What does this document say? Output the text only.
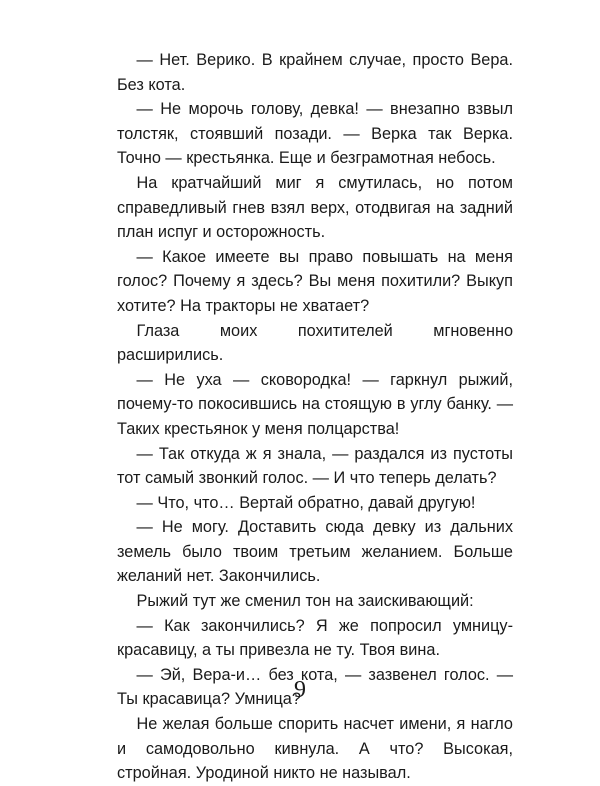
— Нет. Верико. В крайнем случае, просто Вера. Без кота.

— Не морочь голову, девка! — внезапно взвыл толстяк, стоявший позади. — Верка так Верка. Точно — крестьянка. Еще и безграмотная небось.

На кратчайший миг я смутилась, но потом справедливый гнев взял верх, отодвигая на задний план испуг и осторожность.

— Какое имеете вы право повышать на меня голос? Почему я здесь? Вы меня похитили? Выкуп хотите? На тракторы не хватает?

Глаза моих похитителей мгновенно расширились.

— Не уха — сковородка! — гаркнул рыжий, почему-то покосившись на стоящую в углу банку. — Таких крестьянок у меня полцарства!

— Так откуда ж я знала, — раздался из пустоты тот самый звонкий голос. — И что теперь делать?

— Что, что… Вертай обратно, давай другую!

— Не могу. Доставить сюда девку из дальних земель было твоим третьим желанием. Больше желаний нет. Закончились.

Рыжий тут же сменил тон на заискивающий:

— Как закончились? Я же попросил умницу-красавицу, а ты привезла не ту. Твоя вина.

— Эй, Вера-и… без кота, — зазвенел голос. — Ты красавица? Умница?

Не желая больше спорить насчет имени, я нагло и самодовольно кивнула. А что? Высокая, стройная. Уродиной никто не называл.

9
